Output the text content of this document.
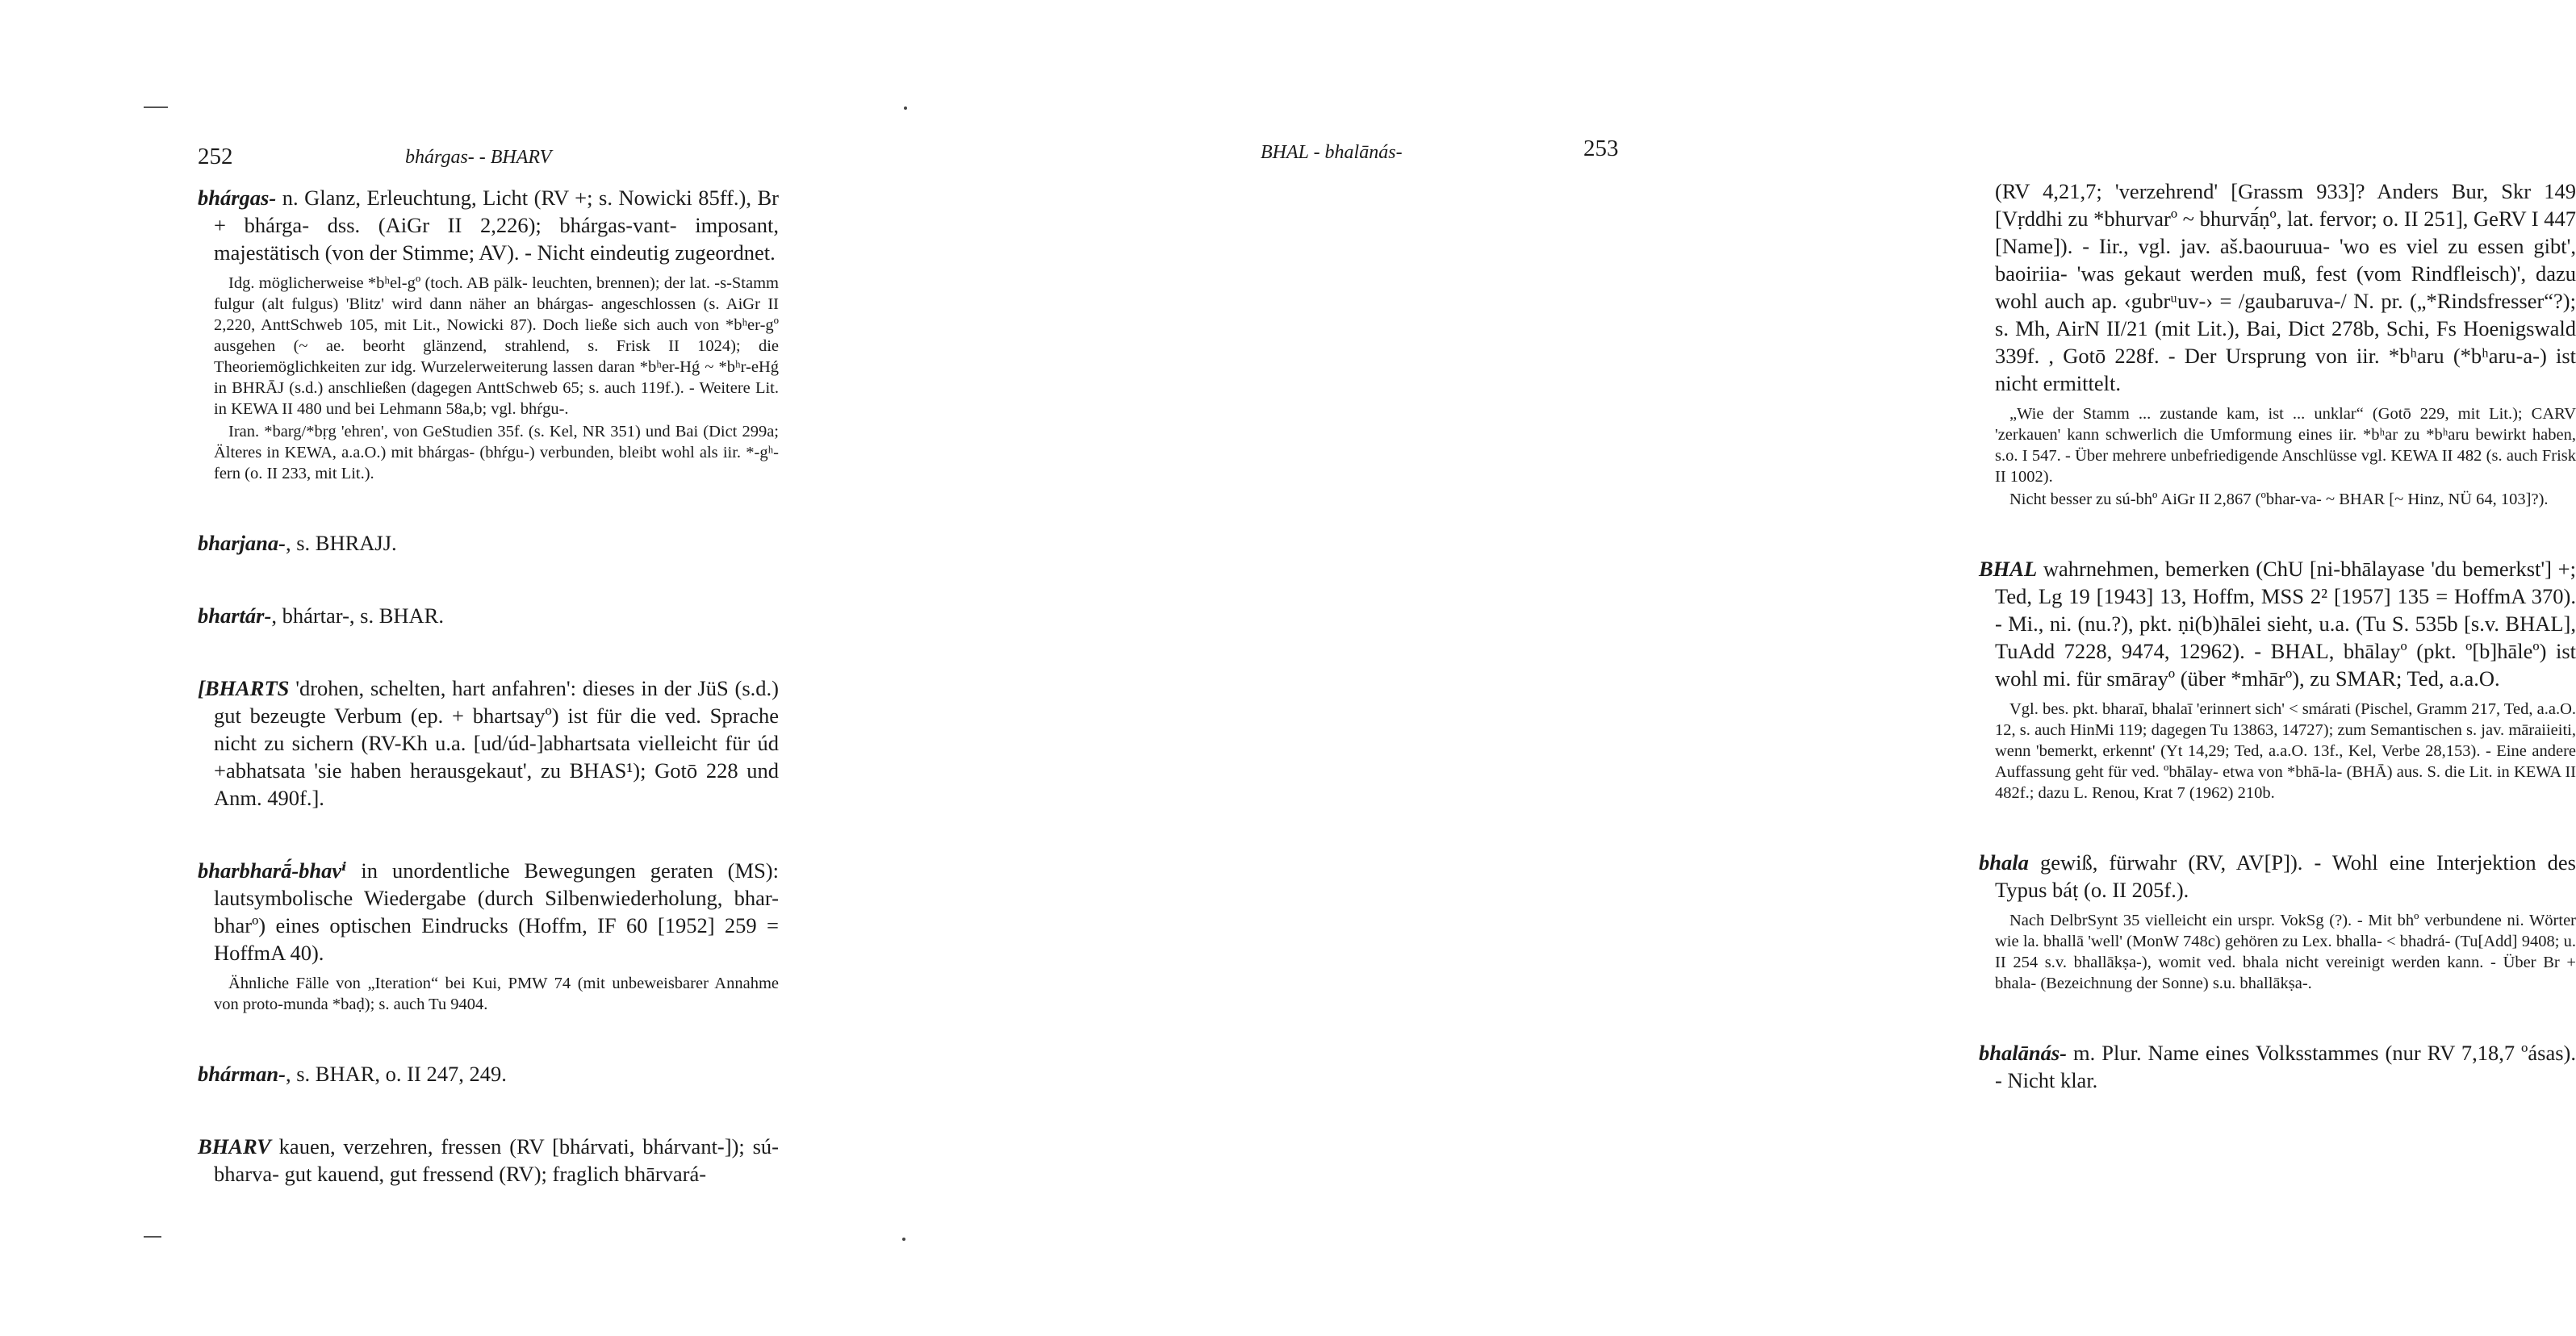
252	bhárgas- - BHARV

bhárgas- n. Glanz, Erleuchtung, Licht (RV +; s. Nowicki 85ff.), Br + bhárga- dss. (AiGr II 2,226); bhárgas-vant- imposant, majestätisch (von der Stimme; AV). - Nicht eindeutig zugeordnet.

Idg. möglicherweise *bʰel-gº (toch. AB pälk- leuchten, brennen); der lat. -s-Stamm fulgur (alt fulgus) 'Blitz' wird dann näher an bhárgas- angeschlossen (s. AiGr II 2,220, AnttSchweb 105, mit Lit., Nowicki 87). Doch ließe sich auch von *bʰer-gº ausgehen (~ ae. beorht glänzend, strahlend, s. Frisk II 1024); die Theoriemöglichkeiten zur idg. Wurzelerweiterung lassen daran *bʰer-Hǵ ~ *bʰr-eHǵ in BHRĀJ (s.d.) anschließen (dagegen AnttSchweb 65; s. auch 119f.). - Weitere Lit. in KEWA II 480 und bei Lehmann 58a,b; vgl. bhŕgu-.

Iran. *barg/*bṛg 'ehren', von GeStudien 35f. (s. Kel, NR 351) und Bai (Dict 299a; Älteres in KEWA, a.a.O.) mit bhárgas- (bhŕgu-) verbunden, bleibt wohl als iir. *-gʰ- fern (o. II 233, mit Lit.).

bharjana-, s. BHRAJJ.

bhartár-, bhártar-, s. BHAR.

[BHARTS 'drohen, schelten, hart anfahren': dieses in der JüS (s.d.) gut bezeugte Verbum (ep. + bhartsayº) ist für die ved. Sprache nicht zu sichern (RV-Kh u.a. [ud/úd-]abhartsata vielleicht für úd +abhatsata 'sie haben herausgekaut', zu BHAS¹); Gotō 228 und Anm. 490f.].

bharbharā́-bhavⁱ in unordentliche Bewegungen geraten (MS): lautsymbolische Wiedergabe (durch Silbenwiederholung, bhar-bharº) eines optischen Eindrucks (Hoffm, IF 60 [1952] 259 = HoffmA 40).

Ähnliche Fälle von „Iteration“ bei Kui, PMW 74 (mit unbeweisbarer Annahme von proto-munda *baḍ); s. auch Tu 9404.

bhárman-, s. BHAR, o. II 247, 249.

BHARV kauen, verzehren, fressen (RV [bhárvati, bhárvant-]); sú-bharva- gut kauend, gut fressend (RV); fraglich bhārvará-

BHAL - bhalānás-	253

(RV 4,21,7; 'verzehrend' [Grassm 933]? Anders Bur, Skr 149 [Vṛddhi zu *bhurvarº ~ bhurvā́ṇº, lat. fervor; o. II 251], GeRV I 447 [Name]). - Iir., vgl. jav. aš.baouruua- 'wo es viel zu essen gibt', baoiriia- 'was gekaut werden muß, fest (vom Rindfleisch)', dazu wohl auch ap. ‹gubrᵘuv-› = /gaubaruva-/ N. pr. („*Rindsfresser“?); s. Mh, AirN II/21 (mit Lit.), Bai, Dict 278b, Schi, Fs Hoenigswald 339f. , Gotō 228f. - Der Ursprung von iir. *bʰaru (*bʰaru-a-) ist nicht ermittelt.

„Wie der Stamm ... zustande kam, ist ... unklar“ (Gotō 229, mit Lit.); CARV 'zerkauen' kann schwerlich die Umformung eines iir. *bʰar zu *bʰaru bewirkt haben, s.o. I 547. - Über mehrere unbefriedigende Anschlüsse vgl. KEWA II 482 (s. auch Frisk II 1002).

Nicht besser zu sú-bhº AiGr II 2,867 (ºbhar-va- ~ BHAR [~ Hinz, NÜ 64, 103]?).

BHAL wahrnehmen, bemerken (ChU [ni-bhālayase 'du bemerkst'] +; Ted, Lg 19 [1943] 13, Hoffm, MSS 2² [1957] 135 = HoffmA 370). - Mi., ni. (nu.?), pkt. ṇi(b)hālei sieht, u.a. (Tu S. 535b [s.v. BHAL], TuAdd 7228, 9474, 12962). - BHAL, bhālayº (pkt. º[b]hāleº) ist wohl mi. für smārayº (über *mhārº), zu SMAR; Ted, a.a.O.

Vgl. bes. pkt. bharaī, bhalaī 'erinnert sich' < smárati (Pischel, Gramm 217, Ted, a.a.O. 12, s. auch HinMi 119; dagegen Tu 13863, 14727); zum Semantischen s. jav. māraiieiti, wenn 'bemerkt, erkennt' (Yt 14,29; Ted, a.a.O. 13f., Kel, Verbe 28,153). - Eine andere Auffassung geht für ved. ºbhālay- etwa von *bhā-la- (BHĀ) aus. S. die Lit. in KEWA II 482f.; dazu L. Renou, Krat 7 (1962) 210b.

bhala gewiß, fürwahr (RV, AV[P]). - Wohl eine Interjektion des Typus báṭ (o. II 205f.).

Nach DelbrSynt 35 vielleicht ein urspr. VokSg (?). - Mit bhº verbundene ni. Wörter wie la. bhallā 'well' (MonW 748c) gehören zu Lex. bhalla- < bhadrá- (Tu[Add] 9408; u. II 254 s.v. bhallākṣa-), womit ved. bhala nicht vereinigt werden kann. - Über Br + bhala- (Bezeichnung der Sonne) s.u. bhallākṣa-.

bhalānás- m. Plur. Name eines Volksstammes (nur RV 7,18,7 ºásas). - Nicht klar.
